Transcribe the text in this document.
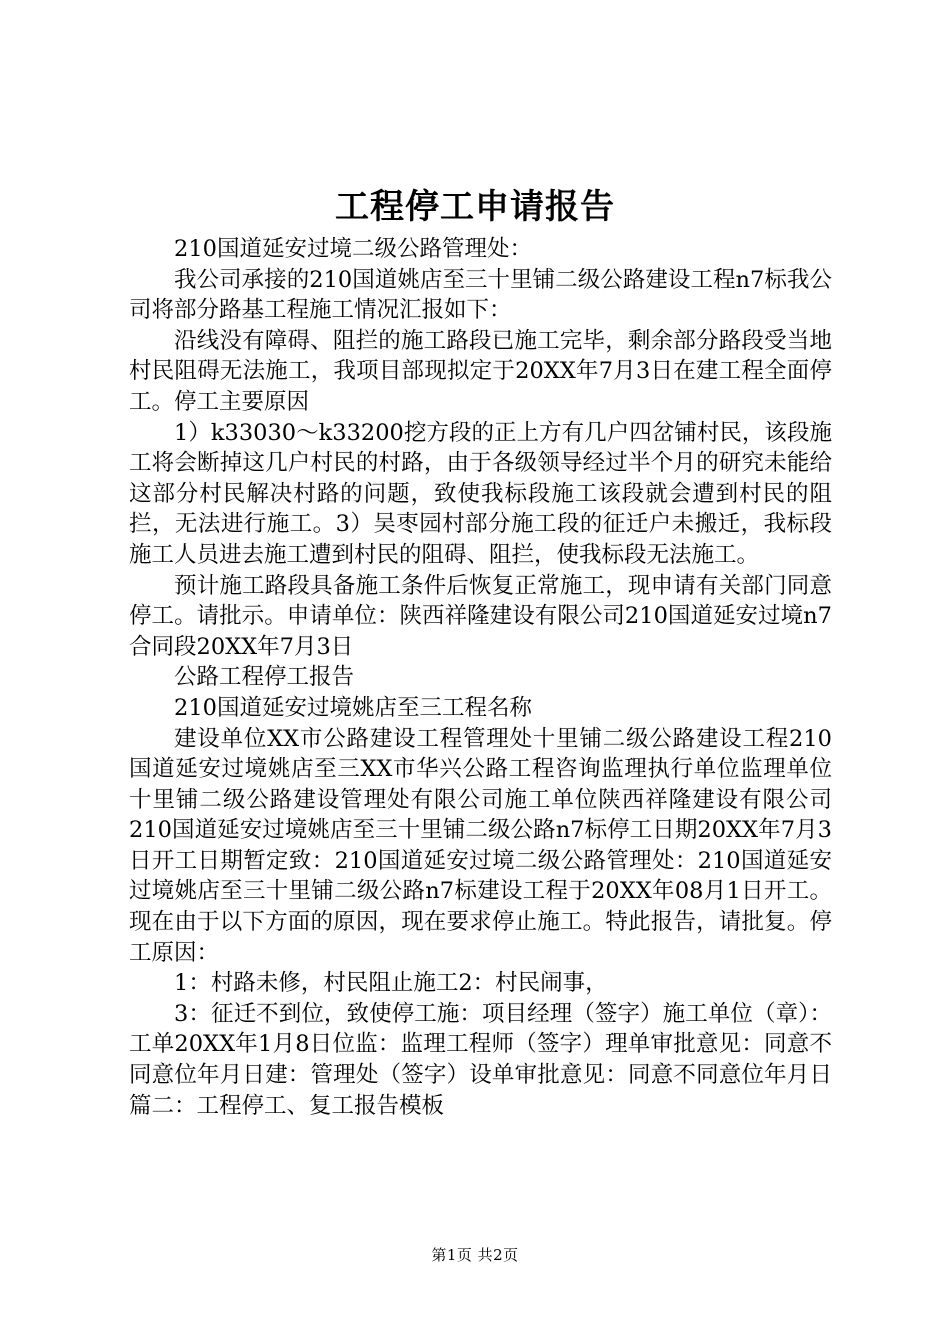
工程停工申请报告

210国道延安过境二级公路管理处：

我公司承接的210国道姚店至三十里铺二级公路建设工程n7标我公司将部分路基工程施工情况汇报如下：

沿线没有障碍、阻拦的施工路段已施工完毕，剩余部分路段受当地村民阻碍无法施工，我项目部现拟定于20XX年7月3日在建工程全面停工。停工主要原因

1）k33030～k33200挖方段的正上方有几户四岔铺村民，该段施工将会断掉这几户村民的村路，由于各级领导经过半个月的研究未能给这部分村民解决村路的问题，致使我标段施工该段就会遭到村民的阻拦，无法进行施工。3）吴枣园村部分施工段的征迁户未搬迁，我标段施工人员进去施工遭到村民的阻碍、阻拦，使我标段无法施工。

预计施工路段具备施工条件后恢复正常施工，现申请有关部门同意停工。请批示。申请单位：陕西祥隆建设有限公司210国道延安过境n7合同段20XX年7月3日

公路工程停工报告

210国道延安过境姚店至三工程名称

建设单位XX市公路建设工程管理处十里铺二级公路建设工程210国道延安过境姚店至三XX市华兴公路工程咨询监理执行单位监理单位十里铺二级公路建设管理处有限公司施工单位陕西祥隆建设有限公司210国道延安过境姚店至三十里铺二级公路n7标停工日期20XX年7月3日开工日期暂定致：210国道延安过境二级公路管理处：210国道延安过境姚店至三十里铺二级公路n7标建设工程于20XX年08月1日开工。现在由于以下方面的原因，现在要求停止施工。特此报告，请批复。停工原因：

1：村路未修，村民阻止施工2：村民闹事，

3：征迁不到位，致使停工施：项目经理（签字）施工单位（章）：工单20XX年1月8日位监：监理工程师（签字）理单审批意见：同意不同意位年月日建：管理处（签字）设单审批意见：同意不同意位年月日篇二：工程停工、复工报告模板

第1页 共2页
